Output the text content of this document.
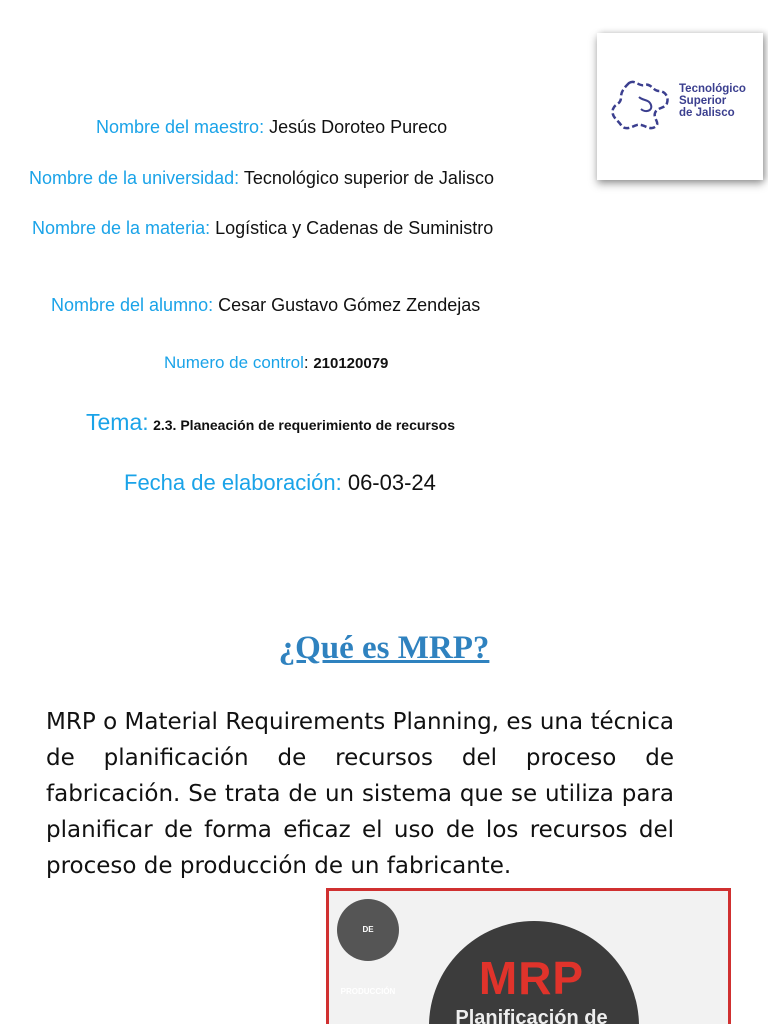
Tecnológico
Superior
de Jalisco
Nombre del maestro: Jesús Doroteo Pureco
Nombre de la universidad: Tecnológico superior de Jalisco
Nombre de la materia: Logística y Cadenas de Suministro
Nombre del alumno: Cesar Gustavo Gómez Zendejas
Numero de control: 210120079
Tema: 2.3. Planeación de requerimiento de recursos
Fecha de elaboración: 06-03-24
¿Qué es MRP?
MRP o Material Requirements Planning, es una técnica de planificación de recursos del proceso de fabricación. Se trata de un sistema que se utiliza para planificar de forma eficaz el uso de los recursos del proceso de producción de un fabricante.
DE PRODUCCIÓN	MRP
Planificación de
